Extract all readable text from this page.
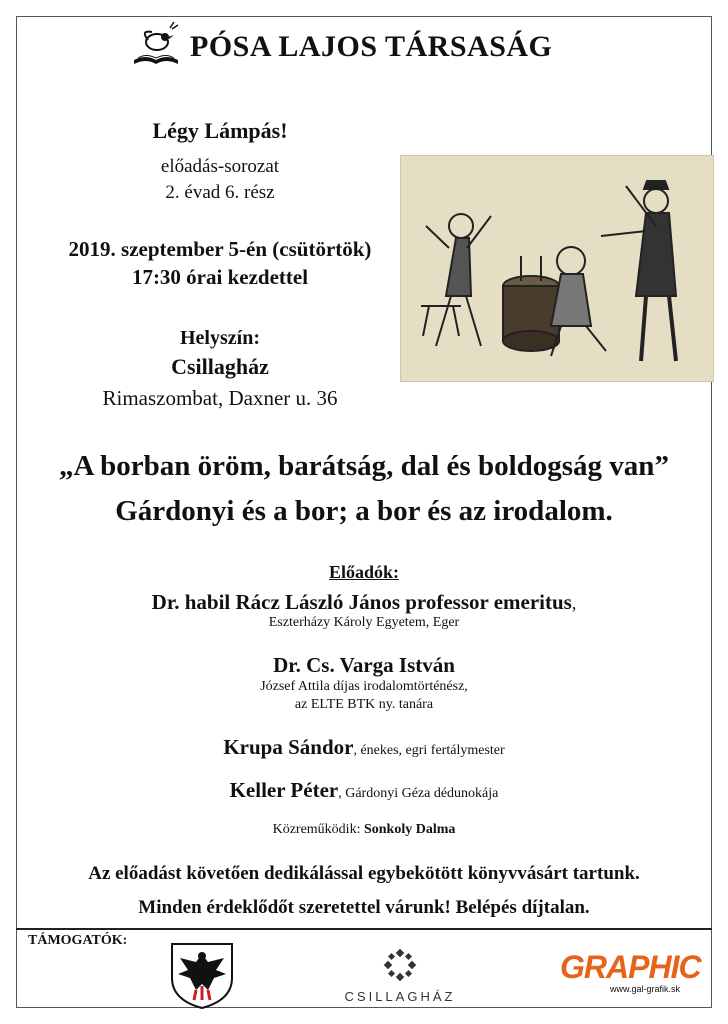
PÓSA LAJOS TÁRSASÁG
Légy Lámpás!
előadás-sorozat
2. évad 6. rész
2019. szeptember 5-én (csütörtök)
17:30 órai kezdettel
Helyszín:
Csillagház
Rimaszombat, Daxner u. 36
„A borban öröm, barátság, dal és boldogság van”
Gárdonyi és a bor; a bor és az irodalom.
Előadók:
Dr. habil Rácz László János professor emeritus,
Eszterházy Károly Egyetem, Eger
Dr. Cs. Varga István
József Attila díjas irodalomtörténész,
az ELTE BTK ny. tanára
Krupa Sándor, énekes, egri fertálymester
Keller Péter, Gárdonyi Géza dédunokája
Közreműködik: Sonkoly Dalma
Az előadást követően dedikálással egybekötött könyvvásárt tartunk.
Minden érdeklődőt szeretettel várunk! Belépés díjtalan.
TÁMOGATÓK:
CSILLAGHÁZ
GRAPHIC
www.gal-grafik.sk
